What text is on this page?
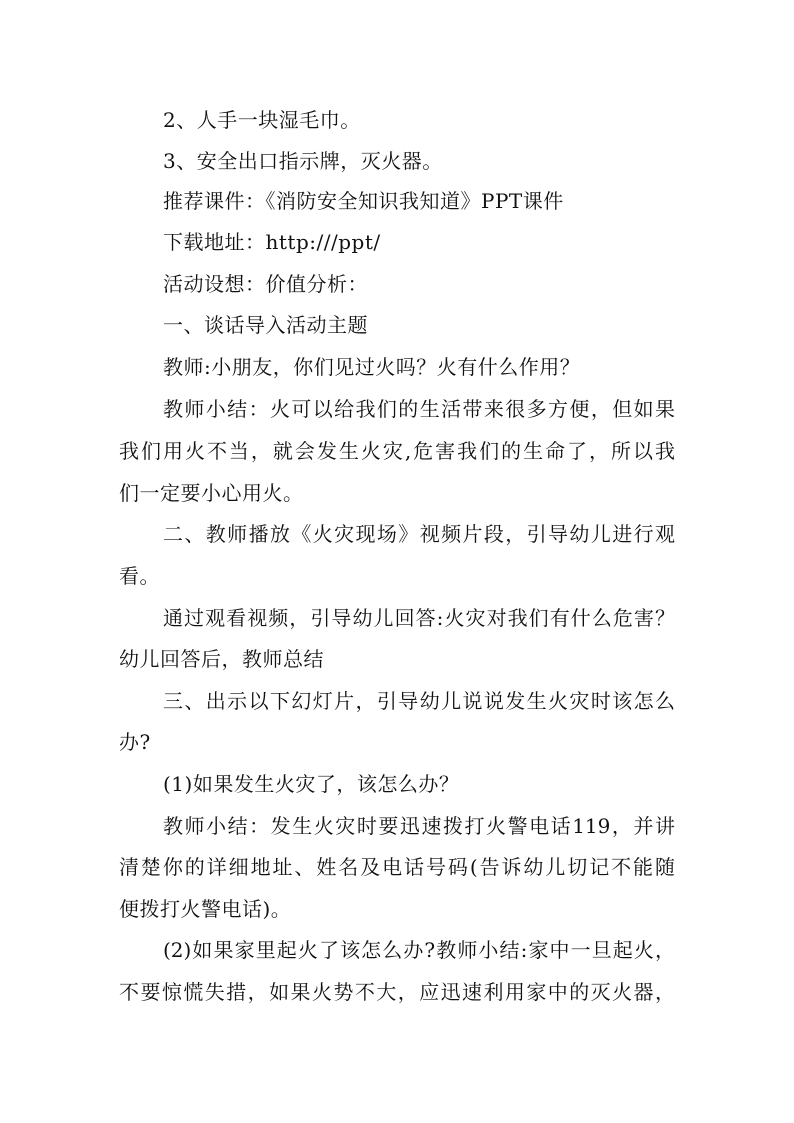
2、人手一块湿毛巾。
3、安全出口指示牌，灭火器。
推荐课件：《消防安全知识我知道》PPT课件
下载地址：http:///ppt/
活动设想：价值分析：
一、谈话导入活动主题
教师:小朋友，你们见过火吗？火有什么作用？
教师小结：火可以给我们的生活带来很多方便，但如果
我们用火不当，就会发生火灾,危害我们的生命了，所以我
们一定要小心用火。
二、教师播放《火灾现场》视频片段，引导幼儿进行观
看。
通过观看视频，引导幼儿回答:火灾对我们有什么危害？
幼儿回答后，教师总结
三、出示以下幻灯片，引导幼儿说说发生火灾时该怎么
办?
(1)如果发生火灾了，该怎么办？
教师小结：发生火灾时要迅速拨打火警电话119，并讲
清楚你的详细地址、姓名及电话号码(告诉幼儿切记不能随
便拨打火警电话)。
(2)如果家里起火了该怎么办?教师小结:家中一旦起火，
不要惊慌失措，如果火势不大，应迅速利用家中的灭火器，
